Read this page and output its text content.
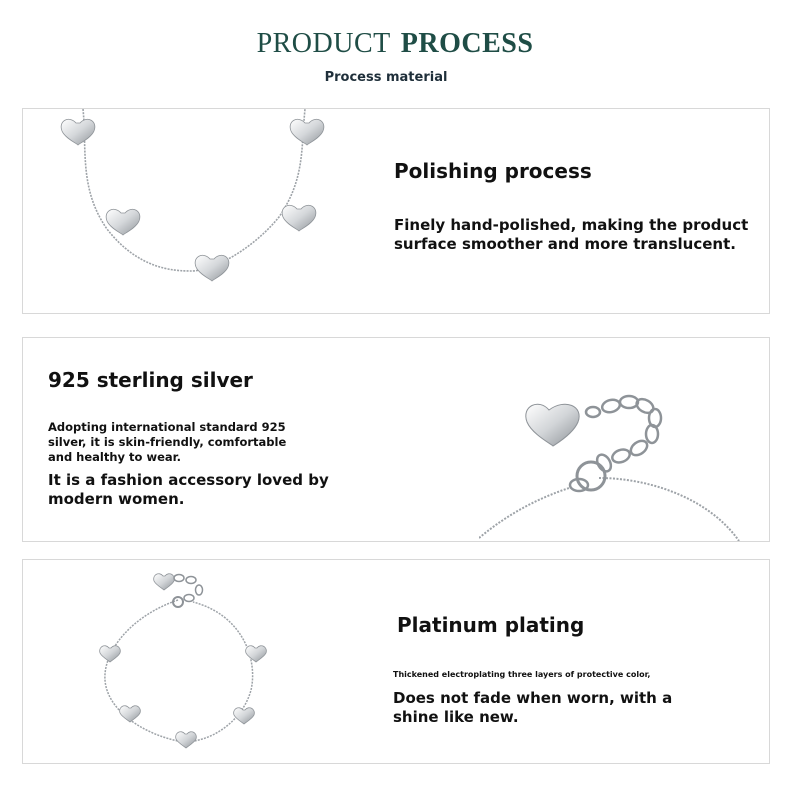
PRODUCT PROCESS
Process material
Polishing process
Finely hand-polished, making the product
surface smoother and more translucent.
925 sterling silver
Adopting international standard 925
silver, it is skin-friendly, comfortable
and healthy to wear.
It is a fashion accessory loved by
modern women.
Platinum plating
Thickened electroplating three layers of protective color,
Does not fade when worn, with a
shine like new.
